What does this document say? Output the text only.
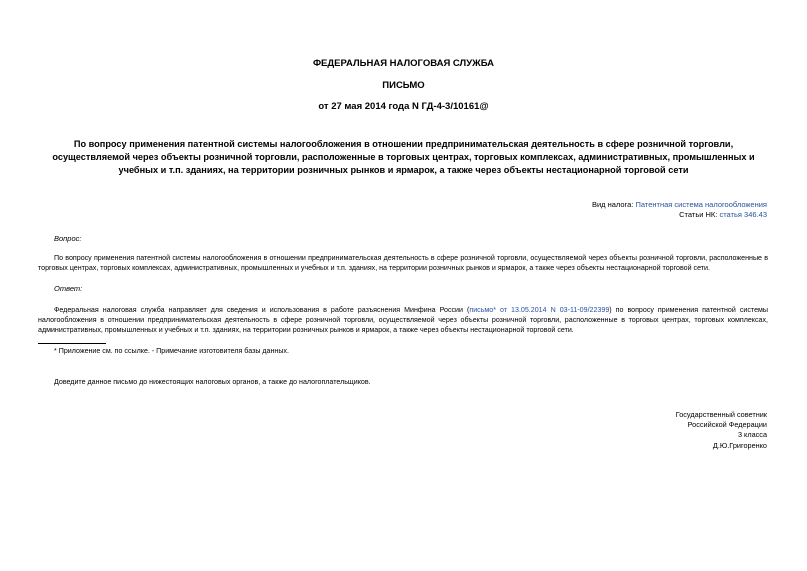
ФЕДЕРАЛЬНАЯ НАЛОГОВАЯ СЛУЖБА
ПИСЬМО
от 27 мая 2014 года N ГД-4-3/10161@
По вопросу применения патентной системы налогообложения в отношении предпринимательская деятельность в сфере розничной торговли, осуществляемой через объекты розничной торговли, расположенные в торговых центрах, торговых комплексах, административных, промышленных и учебных и т.п. зданиях, на территории розничных рынков и ярмарок, а также через объекты нестационарной торговой сети
Вид налога: Патентная система налогообложения
Статьи НК: статья 346.43
Вопрос:
По вопросу применения патентной системы налогообложения в отношении предпринимательская деятельность в сфере розничной торговли, осуществляемой через объекты розничной торговли, расположенные в торговых центрах, торговых комплексах, административных, промышленных и учебных и т.п. зданиях, на территории розничных рынков и ярмарок, а также через объекты нестационарной торговой сети.
Ответ:
Федеральная налоговая служба направляет для сведения и использования в работе разъяснения Минфина России (письмо* от 13.05.2014 N 03-11-09/22399) по вопросу применения патентной системы налогообложения в отношении предпринимательская деятельность в сфере розничной торговли, осуществляемой через объекты розничной торговли, расположенные в торговых центрах, торговых комплексах, административных, промышленных и учебных и т.п. зданиях, на территории розничных рынков и ярмарок, а также через объекты нестационарной торговой сети.
* Приложение см. по ссылке. - Примечание изготовителя базы данных.
Доведите данное письмо до нижестоящих налоговых органов, а также до налогоплательщиков.
Государственный советник
Российской Федерации
3 класса
Д.Ю.Григоренко
